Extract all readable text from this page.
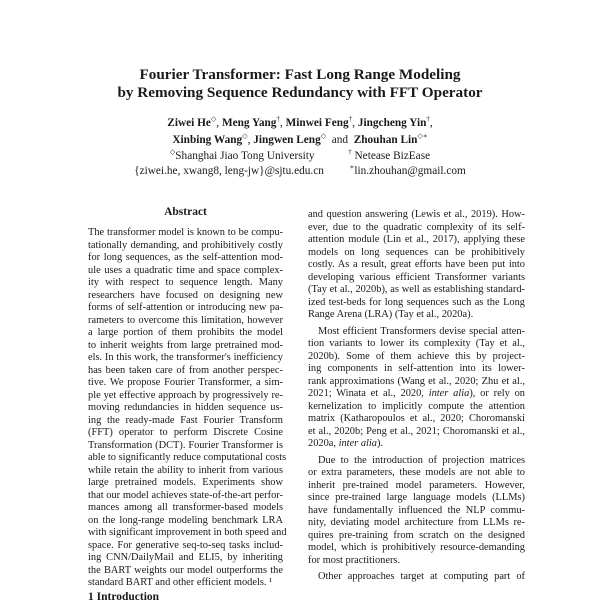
Fourier Transformer: Fast Long Range Modeling
by Removing Sequence Redundancy with FFT Operator
Ziwei He◇, Meng Yang†, Minwei Feng†, Jingcheng Yin†,
Xinbing Wang◇, Jingwen Leng◇  and  Zhouhan Lin◇∗
◇Shanghai Jiao Tong University	† Netease BizEase
{ziwei.he, xwang8, leng-jw}@sjtu.edu.cn	∗lin.zhouhan@gmail.com
Abstract
The transformer model is known to be compu-
tationally demanding, and prohibitively costly
for long sequences, as the self-attention mod-
ule uses a quadratic time and space complex-
ity with respect to sequence length. Many
researchers have focused on designing new
forms of self-attention or introducing new pa-
rameters to overcome this limitation, however
a large portion of them prohibits the model
to inherit weights from large pretrained mod-
els. In this work, the transformer's inefficiency
has been taken care of from another perspec-
tive. We propose Fourier Transformer, a sim-
ple yet effective approach by progressively re-
moving redundancies in hidden sequence us-
ing the ready-made Fast Fourier Transform
(FFT) operator to perform Discrete Cosine
Transformation (DCT). Fourier Transformer is
able to significantly reduce computational costs
while retain the ability to inherit from various
large pretrained models. Experiments show
that our model achieves state-of-the-art perfor-
mances among all transformer-based models
on the long-range modeling benchmark LRA
with significant improvement in both speed and
space. For generative seq-to-seq tasks includ-
ing CNN/DailyMail and ELI5, by inheriting
the BART weights our model outperforms the
standard BART and other efficient models. ¹
1 Introduction
and question answering (Lewis et al., 2019). How-
ever, due to the quadratic complexity of its self-
attention module (Lin et al., 2017), applying these
models on long sequences can be prohibitively
costly. As a result, great efforts have been put into
developing various efficient Transformer variants
(Tay et al., 2020b), as well as establishing standard-
ized test-beds for long sequences such as the Long
Range Arena (LRA) (Tay et al., 2020a).
Most efficient Transformers devise special atten-
tion variants to lower its complexity (Tay et al.,
2020b). Some of them achieve this by project-
ing components in self-attention into its lower-
rank approximations (Wang et al., 2020; Zhu et al.,
2021; Winata et al., 2020, inter alia), or rely on
kernelization to implicitly compute the attention
matrix (Katharopoulos et al., 2020; Choromanski
et al., 2020b; Peng et al., 2021; Choromanski et al.,
2020a, inter alia).
Due to the introduction of projection matrices
or extra parameters, these models are not able to
inherit pre-trained model parameters. However,
since pre-trained large language models (LLMs)
have fundamentally influenced the NLP commu-
nity, deviating model architecture from LLMs re-
quires pre-training from scratch on the designed
model, which is prohibitively resource-demanding
for most practitioners.
Other approaches target at computing part of
